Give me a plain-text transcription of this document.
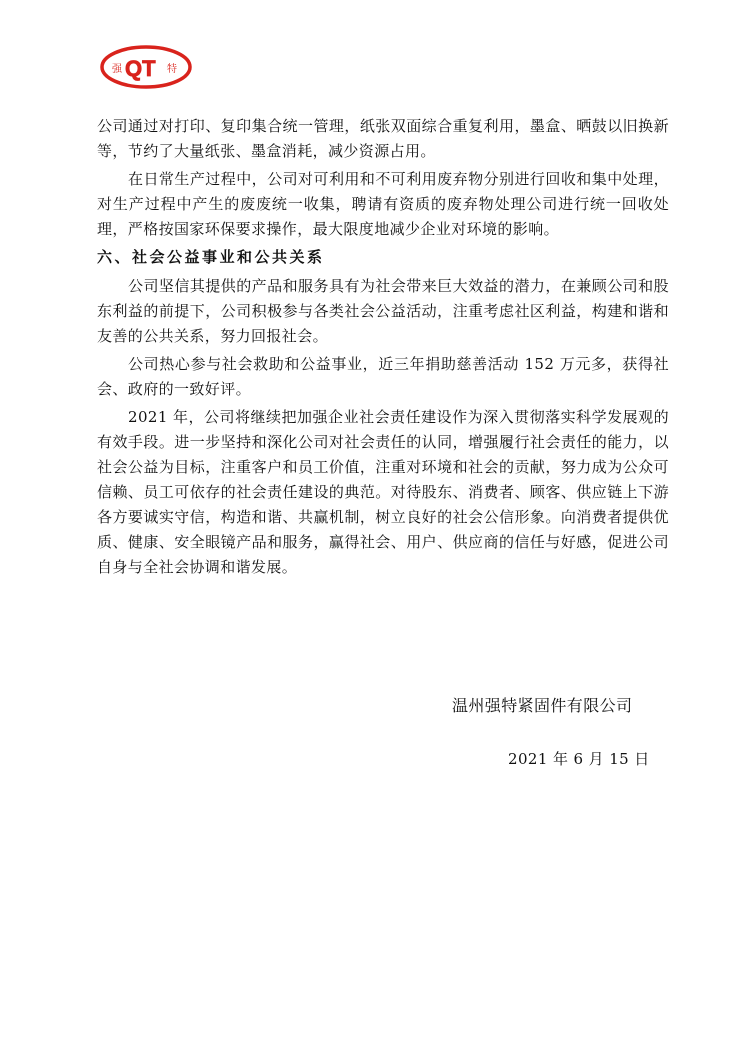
强 QT 特

公司通过对打印、复印集合统一管理，纸张双面综合重复利用，墨盒、晒鼓以旧换新等，节约了大量纸张、墨盒消耗，减少资源占用。

在日常生产过程中，公司对可利用和不可利用废弃物分别进行回收和集中处理，对生产过程中产生的废废统一收集，聘请有资质的废弃物处理公司进行统一回收处理，严格按国家环保要求操作，最大限度地减少企业对环境的影响。

六、社会公益事业和公共关系

公司坚信其提供的产品和服务具有为社会带来巨大效益的潜力，在兼顾公司和股东利益的前提下，公司积极参与各类社会公益活动，注重考虑社区利益，构建和谐和友善的公共关系，努力回报社会。

公司热心参与社会救助和公益事业，近三年捐助慈善活动 152 万元多，获得社会、政府的一致好评。

2021 年，公司将继续把加强企业社会责任建设作为深入贯彻落实科学发展观的有效手段。进一步坚持和深化公司对社会责任的认同，增强履行社会责任的能力，以社会公益为目标，注重客户和员工价值，注重对环境和社会的贡献，努力成为公众可信赖、员工可依存的社会责任建设的典范。对待股东、消费者、顾客、供应链上下游各方要诚实守信，构造和谐、共赢机制，树立良好的社会公信形象。向消费者提供优质、健康、安全眼镜产品和服务，赢得社会、用户、供应商的信任与好感，促进公司自身与全社会协调和谐发展。

温州强特紧固件有限公司
2021 年 6 月 15 日
